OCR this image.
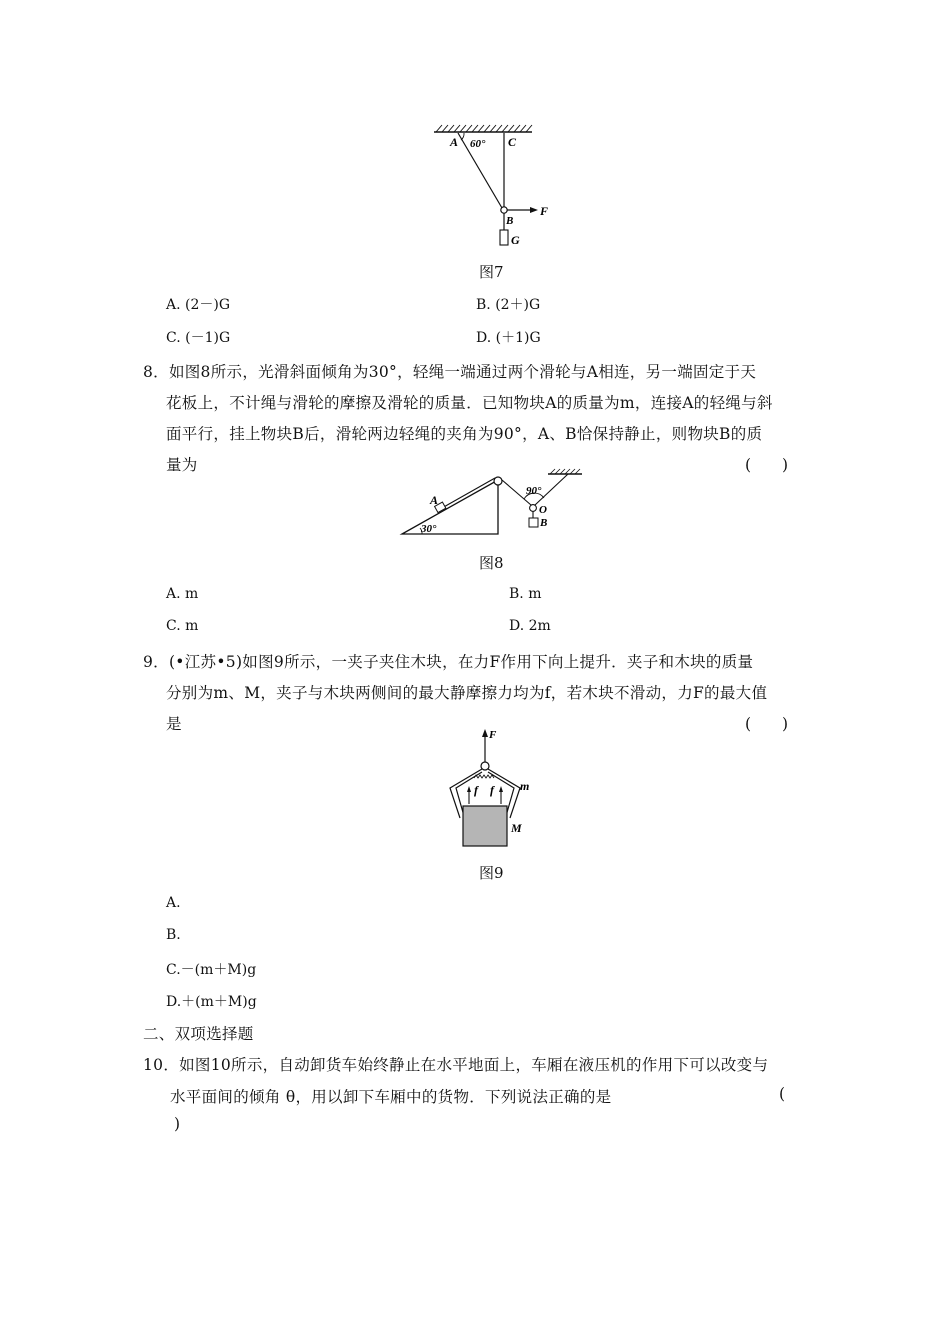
A 60° C
B
F
G
图7
A. (2－)G	B. (2＋)G
C. (－1)G	D. (＋1)G
8．如图8所示，光滑斜面倾角为30°，轻绳一端通过两个滑轮与A相连，另一端固定于天
花板上，不计绳与滑轮的摩擦及滑轮的质量．已知物块A的质量为m，连接A的轻绳与斜
面平行，挂上物块B后，滑轮两边轻绳的夹角为90°，A、B恰保持静止，则物块B的质
量为	(　　)
A
30°
90°
O
B
图8
A. m	B. m
C. m	D. 2m
9．(•江苏•5)如图9所示，一夹子夹住木块，在力F作用下向上提升．夹子和木块的质量
分别为m、M，夹子与木块两侧间的最大静摩擦力均为f，若木块不滑动，力F的最大值
是	(　　)
F
f f m
M
图9
A.
B.
C.－(m＋M)g
D.＋(m＋M)g
二、双项选择题
10．如图10所示，自动卸货车始终静止在水平地面上，车厢在液压机的作用下可以改变与
水平面间的倾角 θ，用以卸下车厢中的货物．下列说法正确的是	(
)
